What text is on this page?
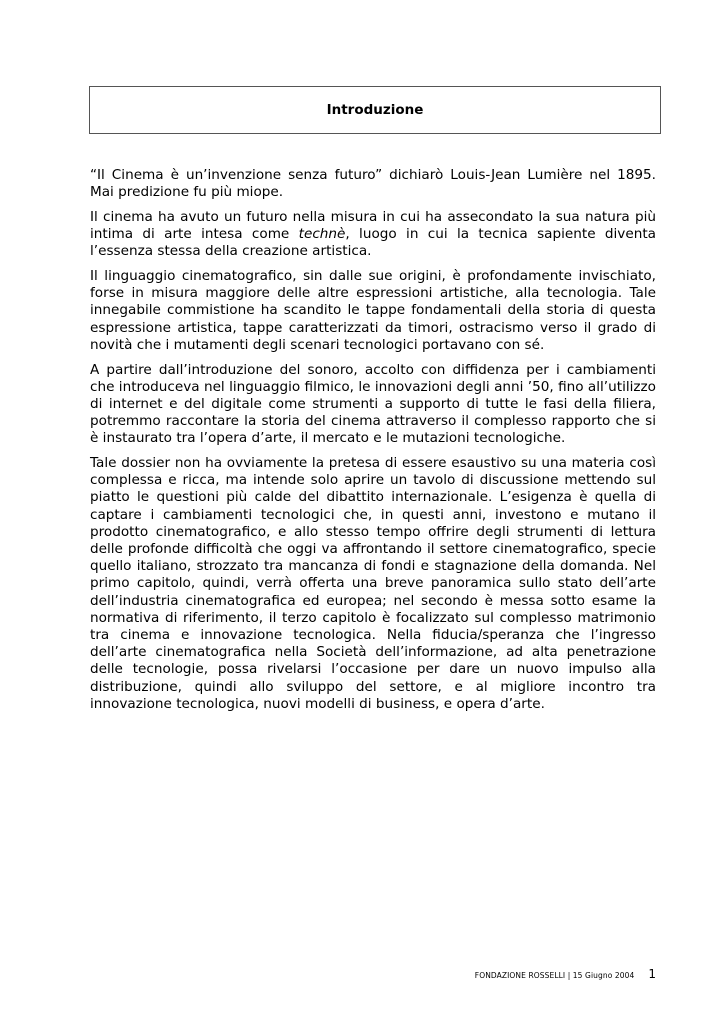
Introduzione

“Il Cinema è un’invenzione senza futuro” dichiarò Louis-Jean Lumière nel 1895. Mai predizione fu più miope.

Il cinema ha avuto un futuro nella misura in cui ha assecondato la sua natura più intima di arte intesa come technè, luogo in cui la tecnica sapiente diventa l’essenza stessa della creazione artistica.

Il linguaggio cinematografico, sin dalle sue origini, è profondamente invischiato, forse in misura maggiore delle altre espressioni artistiche, alla tecnologia. Tale innegabile commistione ha scandito le tappe fondamentali della storia di questa espressione artistica, tappe caratterizzati da timori, ostracismo verso il grado di novità che i mutamenti degli scenari tecnologici portavano con sé.

A partire dall’introduzione del sonoro, accolto con diffidenza per i cambiamenti che introduceva nel linguaggio filmico, le innovazioni degli anni ’50, fino all’utilizzo di internet e del digitale come strumenti a supporto di tutte le fasi della filiera, potremmo raccontare la storia del cinema attraverso il complesso rapporto che si è instaurato tra l’opera d’arte, il mercato e le mutazioni tecnologiche.

Tale dossier non ha ovviamente la pretesa di essere esaustivo su una materia così complessa e ricca, ma intende solo aprire un tavolo di discussione mettendo sul piatto le questioni più calde del dibattito internazionale. L’esigenza è quella di captare i cambiamenti tecnologici che, in questi anni, investono e mutano il prodotto cinematografico, e allo stesso tempo offrire degli strumenti di lettura delle profonde difficoltà che oggi va affrontando il settore cinematografico, specie quello italiano, strozzato tra mancanza di fondi e stagnazione della domanda. Nel primo capitolo, quindi, verrà offerta una breve panoramica sullo stato dell’arte dell’industria cinematografica ed europea; nel secondo è messa sotto esame la normativa di riferimento, il terzo capitolo è focalizzato sul complesso matrimonio tra cinema e innovazione tecnologica. Nella fiducia/speranza che l’ingresso dell’arte cinematografica nella Società dell’informazione, ad alta penetrazione delle tecnologie, possa rivelarsi l’occasione per dare un nuovo impulso alla distribuzione, quindi allo sviluppo del settore, e al migliore incontro tra innovazione tecnologica, nuovi modelli di business, e opera d’arte.

FONDAZIONE ROSSELLI | 15 Giugno 2004 1
